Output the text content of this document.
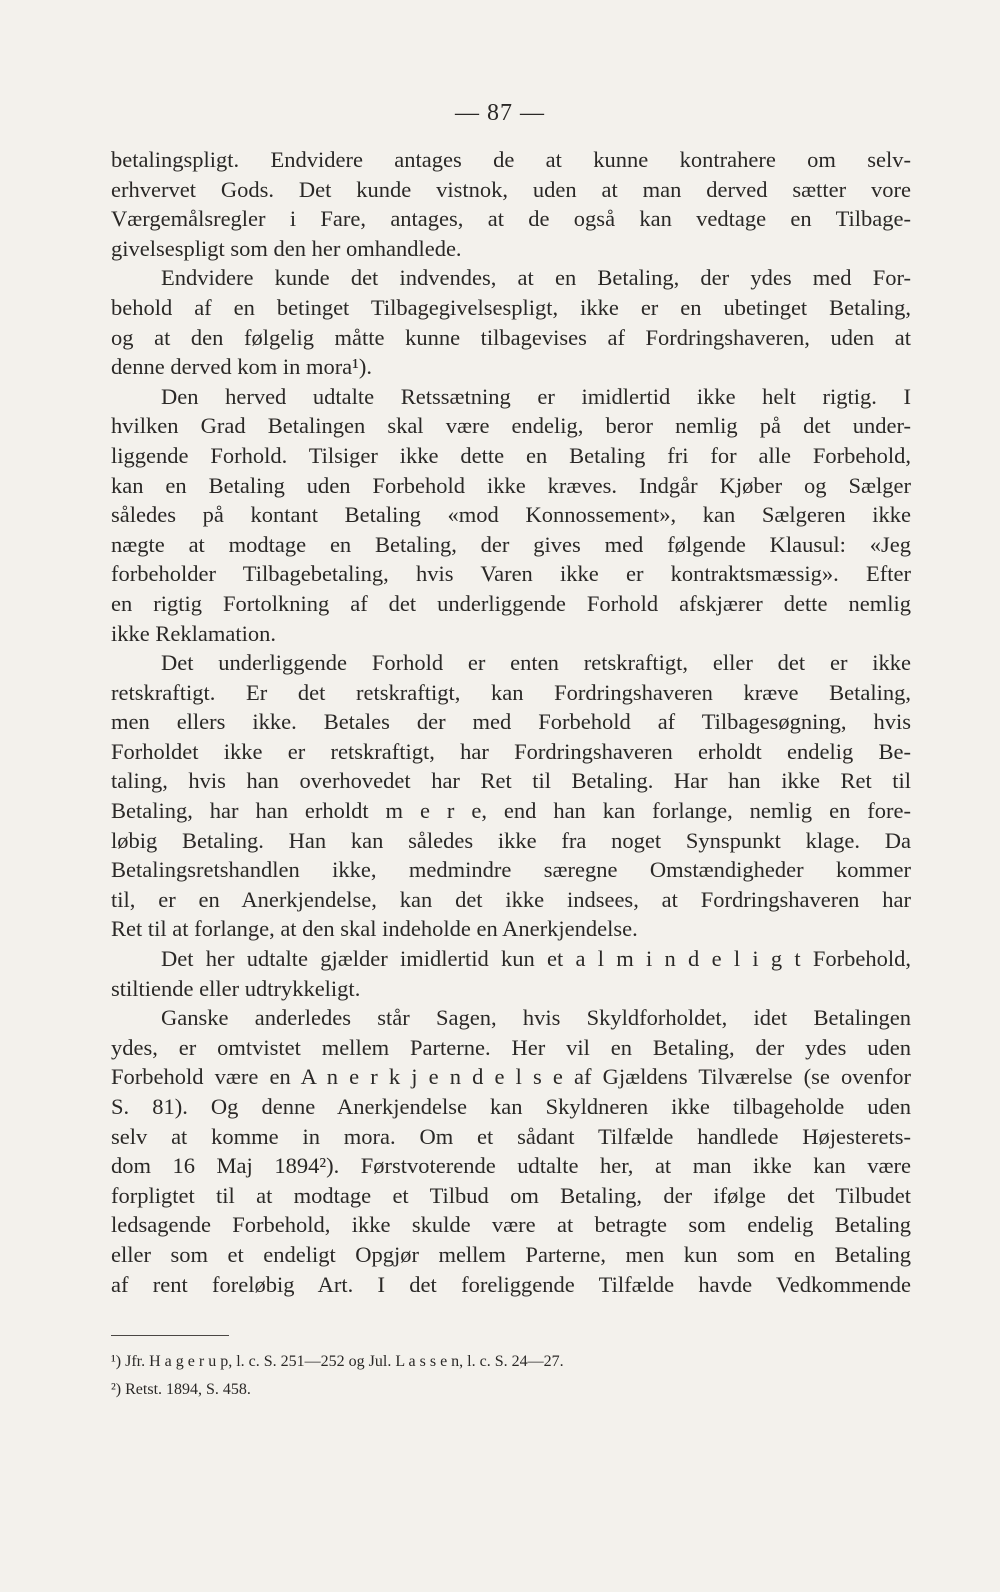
— 87 —
betalingspligt. Endvidere antages de at kunne kontrahere om selv-
erhvervet Gods. Det kunde vistnok, uden at man derved sætter vore
Værgemålsregler i Fare, antages, at de også kan vedtage en Tilbage-
givelsespligt som den her omhandlede.
Endvidere kunde det indvendes, at en Betaling, der ydes med For-
behold af en betinget Tilbagegivelsespligt, ikke er en ubetinget Betaling,
og at den følgelig måtte kunne tilbagevises af Fordringshaveren, uden at
denne derved kom in mora¹).
Den herved udtalte Retssætning er imidlertid ikke helt rigtig. I
hvilken Grad Betalingen skal være endelig, beror nemlig på det under-
liggende Forhold. Tilsiger ikke dette en Betaling fri for alle Forbehold,
kan en Betaling uden Forbehold ikke kræves. Indgår Kjøber og Sælger
således på kontant Betaling «mod Konnossement», kan Sælgeren ikke
nægte at modtage en Betaling, der gives med følgende Klausul: «Jeg
forbeholder Tilbagebetaling, hvis Varen ikke er kontraktsmæssig». Efter
en rigtig Fortolkning af det underliggende Forhold afskjærer dette nemlig
ikke Reklamation.
Det underliggende Forhold er enten retskraftigt, eller det er ikke
retskraftigt. Er det retskraftigt, kan Fordringshaveren kræve Betaling,
men ellers ikke. Betales der med Forbehold af Tilbagesøgning, hvis
Forholdet ikke er retskraftigt, har Fordringshaveren erholdt endelig Be-
taling, hvis han overhovedet har Ret til Betaling. Har han ikke Ret til
Betaling, har han erholdt m e r e, end han kan forlange, nemlig en fore-
løbig Betaling. Han kan således ikke fra noget Synspunkt klage. Da
Betalingsretshandlen ikke, medmindre særegne Omstændigheder kommer
til, er en Anerkjendelse, kan det ikke indsees, at Fordringshaveren har
Ret til at forlange, at den skal indeholde en Anerkjendelse.
Det her udtalte gjælder imidlertid kun et a l m i n d e l i g t Forbehold,
stiltiende eller udtrykkeligt.
Ganske anderledes står Sagen, hvis Skyldforholdet, idet Betalingen
ydes, er omtvistet mellem Parterne. Her vil en Betaling, der ydes uden
Forbehold være en A n e r k j e n d e l s e af Gjældens Tilværelse (se ovenfor
S. 81). Og denne Anerkjendelse kan Skyldneren ikke tilbageholde uden
selv at komme in mora. Om et sådant Tilfælde handlede Højesterets-
dom 16 Maj 1894²). Førstvoterende udtalte her, at man ikke kan være
forpligtet til at modtage et Tilbud om Betaling, der ifølge det Tilbudet
ledsagende Forbehold, ikke skulde være at betragte som endelig Betaling
eller som et endeligt Opgjør mellem Parterne, men kun som en Betaling
af rent foreløbig Art. I det foreliggende Tilfælde havde Vedkommende
¹) Jfr. H a g e r u p, l. c. S. 251—252 og Jul. L a s s e n, l. c. S. 24—27.
²) Retst. 1894, S. 458.
